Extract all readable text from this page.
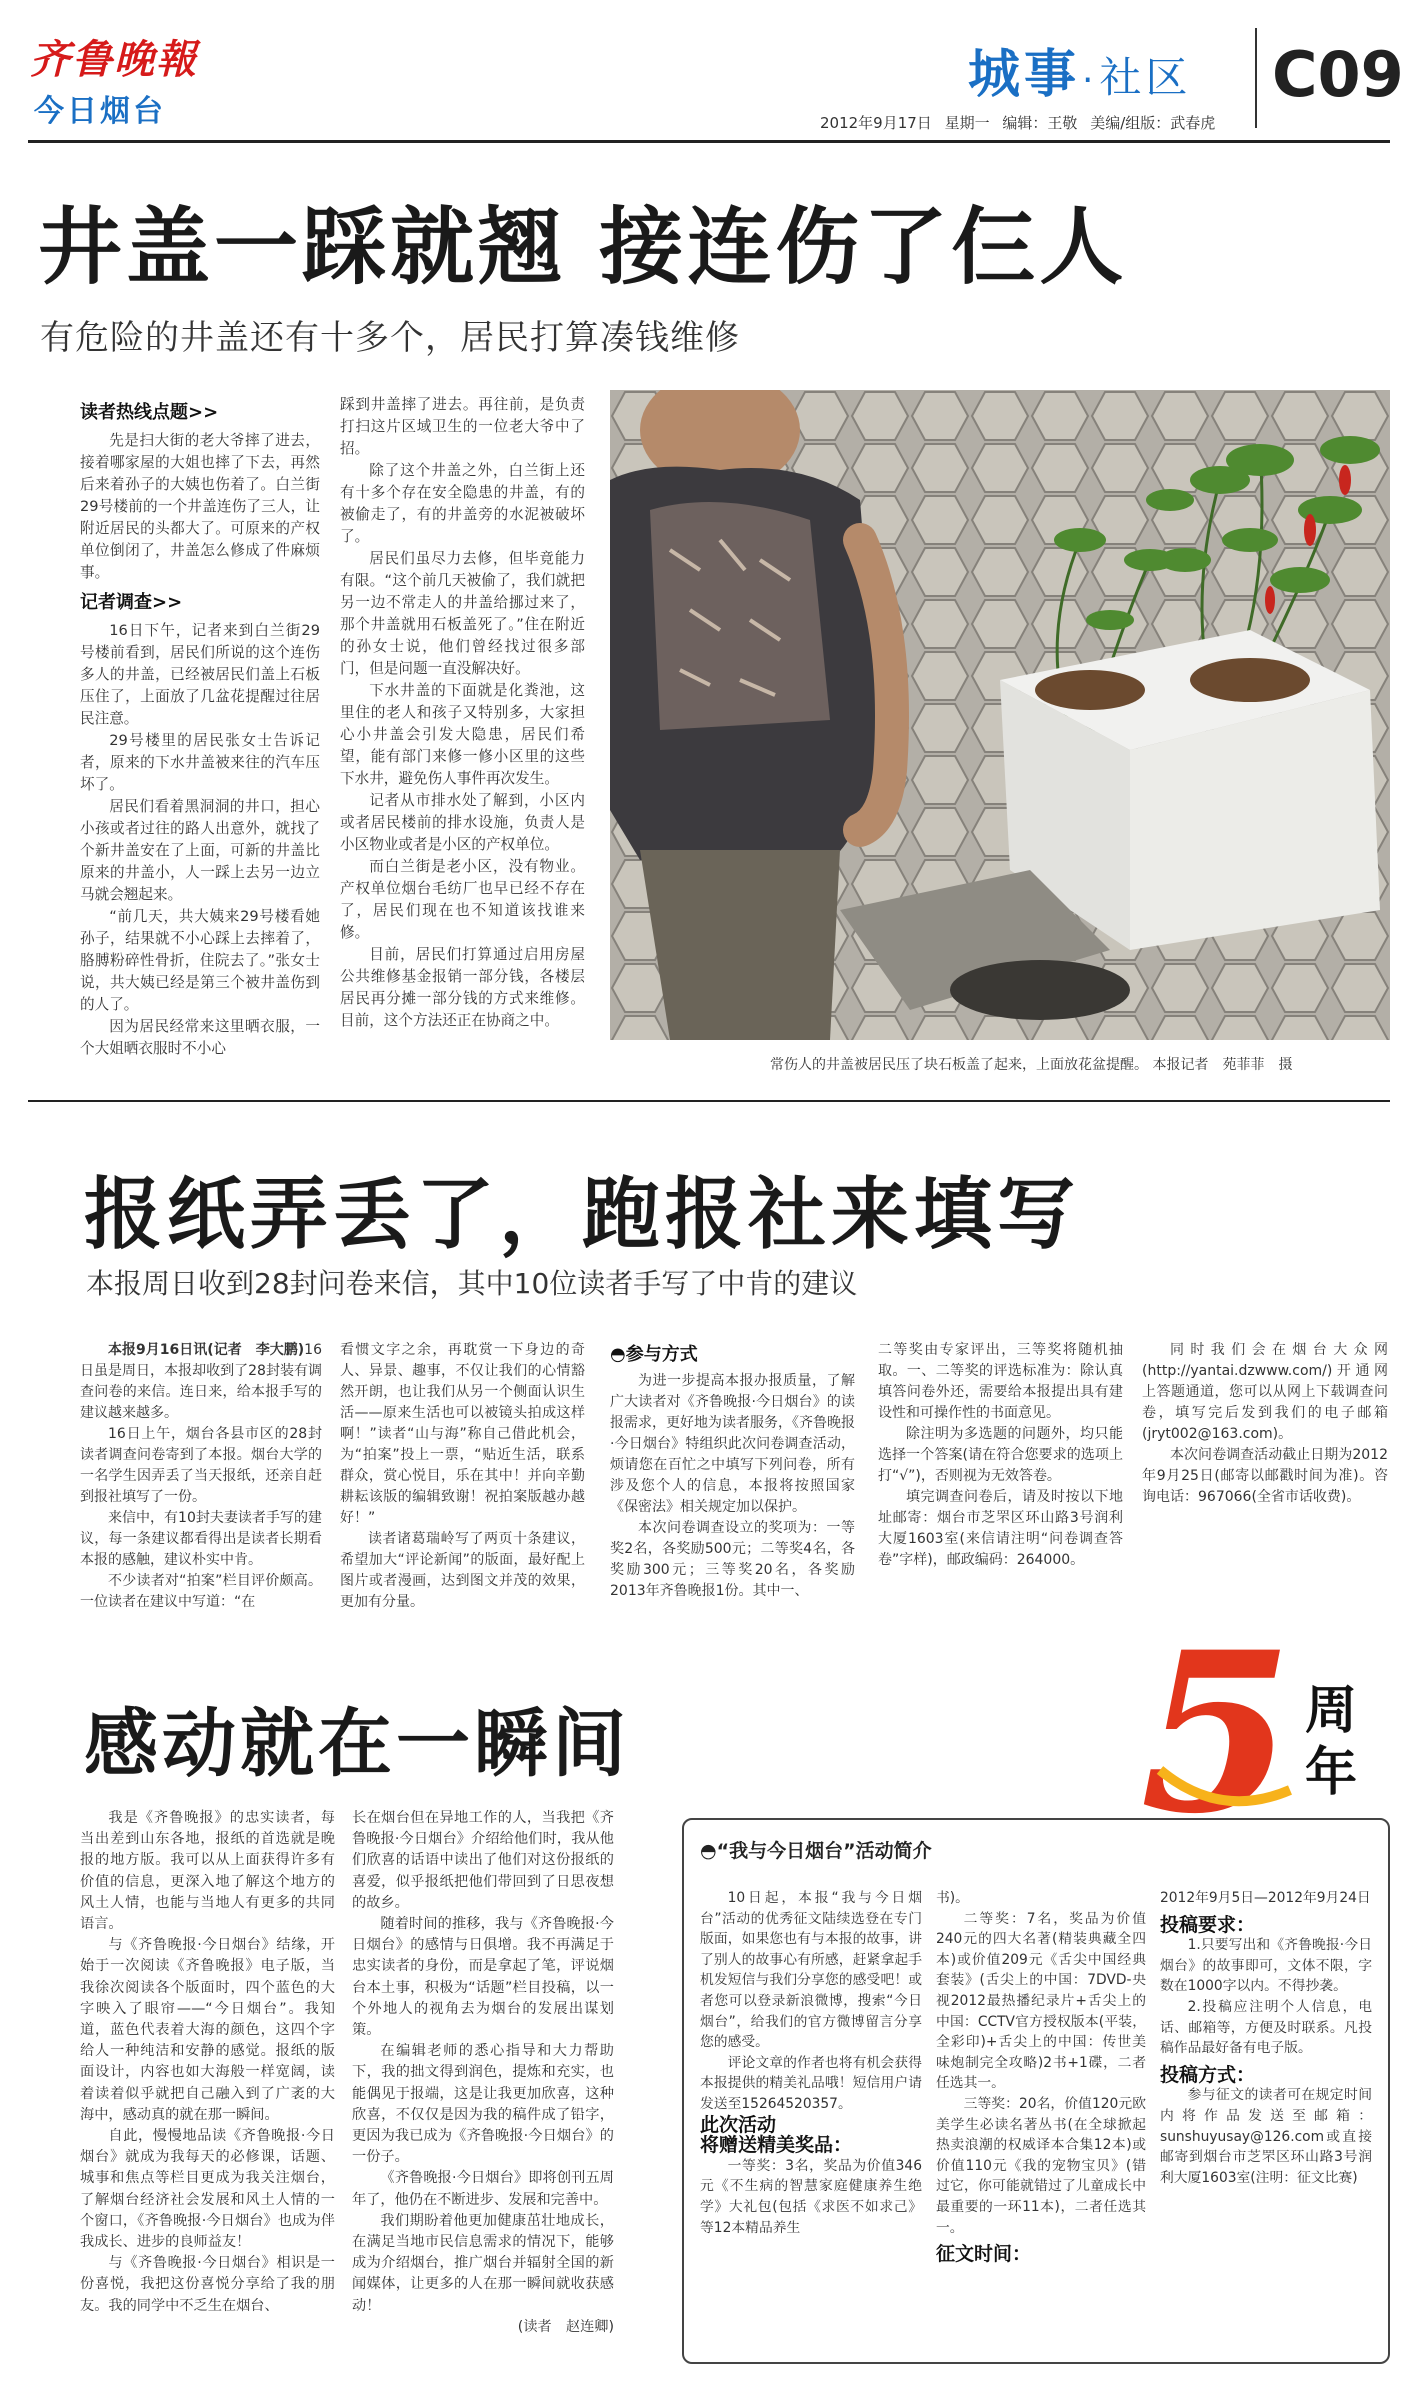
齐鲁晚報
今日烟台
城事·社区 C09
2012年9月17日 星期一 编辑：王敬 美编/组版：武春虎
井盖一踩就翘 接连伤了仨人
有危险的井盖还有十多个，居民打算凑钱维修
读者热线点题>>

先是扫大街的老大爷摔了进去，接着哪家屋的大姐也摔了下去，再然后来着孙子的大姨也伤着了。白兰街29号楼前的一个井盖连伤了三人，让附近居民的头都大了。可原来的产权单位倒闭了，井盖怎么修成了件麻烦事。

记者调查>>

16日下午，记者来到白兰街29号楼前看到，居民们所说的这个连伤多人的井盖，已经被居民们盖上石板压住了，上面放了几盆花提醒过往居民注意。

29号楼里的居民张女士告诉记者，原来的下水井盖被来往的汽车压坏了。

居民们看着黑洞洞的井口，担心小孩或者过往的路人出意外，就找了个新井盖安在了上面，可新的井盖比原来的井盖小，人一踩上去另一边立马就会翘起来。

“前几天，共大姨来29号楼看她孙子，结果就不小心踩上去摔着了，胳膊粉碎性骨折，住院去了。”张女士说，共大姨已经是第三个被井盖伤到的人了。

因为居民经常来这里晒衣服，一个大姐晒衣服时不小心

踩到井盖摔了进去。再往前，是负责打扫这片区域卫生的一位老大爷中了招。

除了这个井盖之外，白兰街上还有十多个存在安全隐患的井盖，有的被偷走了，有的井盖旁的水泥被破坏了。

居民们虽尽力去修，但毕竟能力有限。“这个前几天被偷了，我们就把另一边不常走人的井盖给挪过来了，那个井盖就用石板盖死了。”住在附近的孙女士说，他们曾经找过很多部门，但是问题一直没解决好。

下水井盖的下面就是化粪池，这里住的老人和孩子又特别多，大家担心小井盖会引发大隐患，居民们希望，能有部门来修一修小区里的这些下水井，避免伤人事件再次发生。

记者从市排水处了解到，小区内或者居民楼前的排水设施，负责人是小区物业或者是小区的产权单位。

而白兰街是老小区，没有物业。产权单位烟台毛纺厂也早已经不存在了，居民们现在也不知道该找谁来修。

目前，居民们打算通过启用房屋公共维修基金报销一部分钱，各楼层居民再分摊一部分钱的方式来维修。目前，这个方法还正在协商之中。

常伤人的井盖被居民压了块石板盖了起来，上面放花盆提醒。 本报记者　苑菲菲　摄
报纸弄丢了，跑报社来填写
本报周日收到28封问卷来信，其中10位读者手写了中肯的建议

本报9月16日讯(记者　李大鹏)16日虽是周日，本报却收到了28封装有调查问卷的来信。连日来，给本报手写的建议越来越多。

16日上午，烟台各县市区的28封读者调查问卷寄到了本报。烟台大学的一名学生因弄丢了当天报纸，还亲自赶到报社填写了一份。

来信中，有10封夫妻读者手写的建议，每一条建议都看得出是读者长期看本报的感触，建议朴实中肯。

不少读者对“拍案”栏目评价颇高。一位读者在建议中写道：“在

看惯文字之余，再耽赏一下身边的奇人、异景、趣事，不仅让我们的心情豁然开朗，也让我们从另一个侧面认识生活——原来生活也可以被镜头拍成这样啊！”读者“山与海”称自己借此机会，为“拍案”投上一票，“贴近生活，联系群众，赏心悦目，乐在其中！并向辛勤耕耘该版的编辑致谢！祝拍案版越办越好！”

读者诸葛瑞岭写了两页十条建议，希望加大“评论新闻”的版面，最好配上图片或者漫画，达到图文并茂的效果，更加有分量。

◓参与方式

为进一步提高本报办报质量，了解广大读者对《齐鲁晚报·今日烟台》的读报需求，更好地为读者服务，《齐鲁晚报·今日烟台》特组织此次问卷调查活动，烦请您在百忙之中填写下列问卷，所有涉及您个人的信息，本报将按照国家《保密法》相关规定加以保护。

本次问卷调查设立的奖项为：一等奖2名，各奖励500元；二等奖4名，各奖励300元；三等奖20名，各奖励2013年齐鲁晚报1份。其中一、

二等奖由专家评出，三等奖将随机抽取。一、二等奖的评选标准为：除认真填答问卷外还，需要给本报提出具有建设性和可操作性的书面意见。

除注明为多选题的问题外，均只能选择一个答案(请在符合您要求的选项上打“√”)，否则视为无效答卷。

填完调查问卷后，请及时按以下地址邮寄：烟台市芝罘区环山路3号润利大厦1603室(来信请注明“问卷调查答卷”字样)，邮政编码：264000。

同时我们会在烟台大众网(http://yantai.dzwww.com/)开通网上答题通道，您可以从网上下载调查问卷，填写完后发到我们的电子邮箱(jryt002@163.com)。

本次问卷调查活动截止日期为2012年9月25日(邮寄以邮戳时间为准)。咨询电话：967066(全省市话收费)。

5 周年
感动就在一瞬间

我是《齐鲁晚报》的忠实读者，每当出差到山东各地，报纸的首选就是晚报的地方版。我可以从上面获得许多有价值的信息，更深入地了解这个地方的风土人情，也能与当地人有更多的共同语言。

与《齐鲁晚报·今日烟台》结缘，开始于一次阅读《齐鲁晚报》电子版，当我徐次阅读各个版面时，四个蓝色的大字映入了眼帘——“今日烟台”。我知道，蓝色代表着大海的颜色，这四个字给人一种纯洁和安静的感觉。报纸的版面设计，内容也如大海般一样宽阔，读着读着似乎就把自己融入到了广袤的大海中，感动真的就在那一瞬间。

自此，慢慢地品读《齐鲁晚报·今日烟台》就成为我每天的必修课，话题、城事和焦点等栏目更成为我关注烟台，了解烟台经济社会发展和风土人情的一个窗口，《齐鲁晚报·今日烟台》也成为伴我成长、进步的良师益友！

与《齐鲁晚报·今日烟台》相识是一份喜悦，我把这份喜悦分享给了我的朋友。我的同学中不乏生在烟台、

长在烟台但在异地工作的人，当我把《齐鲁晚报·今日烟台》介绍给他们时，我从他们欣喜的话语中读出了他们对这份报纸的喜爱，似乎报纸把他们带回到了日思夜想的故乡。

随着时间的推移，我与《齐鲁晚报·今日烟台》的感情与日俱增。我不再满足于忠实读者的身份，而是拿起了笔，评说烟台本土事，积极为“话题”栏目投稿，以一个外地人的视角去为烟台的发展出谋划策。

在编辑老师的悉心指导和大力帮助下，我的拙文得到润色，提炼和充实，也能偶见于报端，这是让我更加欣喜，这种欣喜，不仅仅是因为我的稿件成了铅字，更因为我已成为《齐鲁晚报·今日烟台》的一份子。

《齐鲁晚报·今日烟台》即将创刊五周年了，他仍在不断进步、发展和完善中。

我们期盼着他更加健康茁壮地成长，在满足当地市民信息需求的情况下，能够成为介绍烟台，推广烟台并辐射全国的新闻媒体，让更多的人在那一瞬间就收获感动！

(读者　赵连卿)

◓“我与今日烟台”活动简介

10日起，本报“我与今日烟台”活动的优秀征文陆续选登在专门版面，如果您也有与本报的故事，讲了别人的故事心有所感，赶紧拿起手机发短信与我们分享您的感受吧！或者您可以登录新浪微博，搜索“今日烟台”，给我们的官方微博留言分享您的感受。

评论文章的作者也将有机会获得本报提供的精美礼品哦！短信用户请发送至15264520357。

此次活动
将赠送精美奖品：

一等奖：3名，奖品为价值346元《不生病的智慧家庭健康养生绝学》大礼包(包括《求医不如求己》等12本精品养生

书)。

二等奖：7名，奖品为价值240元的四大名著(精装典藏全四本)或价值209元《舌尖中国经典套装》(舌尖上的中国：7DVD-央视2012最热播纪录片+舌尖上的中国：CCTV官方授权版本(平装，全彩印)+舌尖上的中国：传世美味炮制完全攻略)2书+1碟，二者任选其一。

三等奖：20名，价值120元欧美学生必读名著丛书(在全球掀起热卖浪潮的权威译本合集12本)或价值110元《我的宠物宝贝》(错过它，你可能就错过了儿童成长中最重要的一环11本)，二者任选其一。

征文时间：

2012年9月5日—2012年9月24日

投稿要求：

1.只要写出和《齐鲁晚报·今日烟台》的故事即可，文体不限，字数在1000字以内。不得抄袭。

2.投稿应注明个人信息，电话、邮箱等，方便及时联系。凡投稿作品最好备有电子版。

投稿方式：

参与征文的读者可在规定时间内将作品发送至邮箱：sunshuyusay@126.com或直接邮寄到烟台市芝罘区环山路3号润利大厦1603室(注明：征文比赛)
